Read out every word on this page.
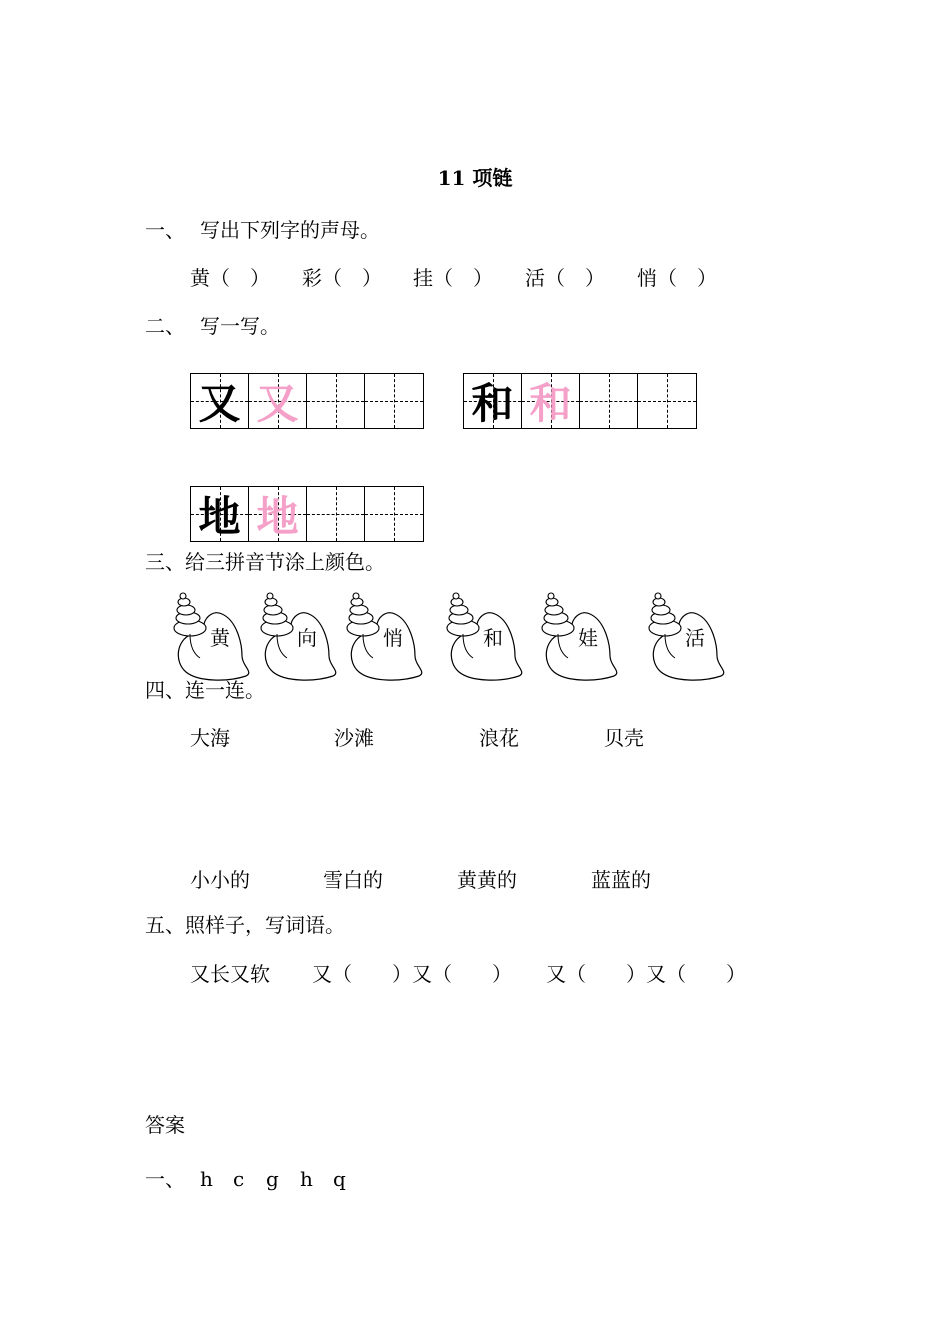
11 项链
一、 写出下列字的声母。
黄（　） 彩（　） 挂（　） 活（　） 悄（　）
二、 写一写。
又 又	和 和
地 地
三、给三拼音节涂上颜色。
黄	向	悄	和	娃	活
四、连一连。
大海	沙滩	浪花	贝壳
小小的	雪白的	黄黄的	蓝蓝的
五、照样子，写词语。
又长又软 又（　　）又（　　） 又（　　）又（　　）
答案
一、 h c g h q
